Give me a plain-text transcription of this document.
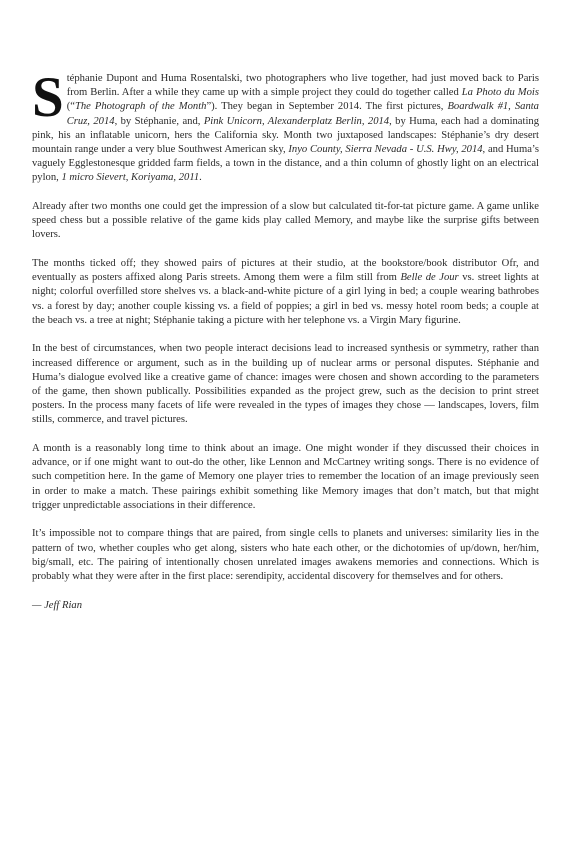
Stéphanie Dupont and Huma Rosentalski, two photographers who live together, had just moved back to Paris from Berlin. After a while they came up with a simple project they could do together called La Photo du Mois (“The Photograph of the Month”). They began in September 2014. The first pictures, Boardwalk #1, Santa Cruz, 2014, by Stéphanie, and, Pink Unicorn, Alexanderplatz Berlin, 2014, by Huma, each had a dominating pink, his an inflatable unicorn, hers the California sky. Month two juxtaposed landscapes: Stéphanie’s dry desert mountain range under a very blue Southwest American sky, Inyo County, Sierra Nevada - U.S. Hwy, 2014, and Huma’s vaguely Egglestonesque gridded farm fields, a town in the distance, and a thin column of ghostly light on an electrical pylon, 1 micro Sievert, Koriyama, 2011.

Already after two months one could get the impression of a slow but calculated tit-for-tat picture game. A game unlike speed chess but a possible relative of the game kids play called Memory, and maybe like the surprise gifts between lovers.

The months ticked off; they showed pairs of pictures at their studio, at the bookstore/book distributor Ofr, and eventually as posters affixed along Paris streets. Among them were a film still from Belle de Jour vs. street lights at night; colorful overfilled store shelves vs. a black-and-white picture of a girl lying in bed; a couple wearing bathrobes vs. a forest by day; another couple kissing vs. a field of poppies; a girl in bed vs. messy hotel room beds; a couple at the beach vs. a tree at night; Stéphanie taking a picture with her telephone vs. a Virgin Mary figurine.

In the best of circumstances, when two people interact decisions lead to increased synthesis or symmetry, rather than increased difference or argument, such as in the building up of nuclear arms or personal disputes. Stéphanie and Huma’s dialogue evolved like a creative game of chance: images were chosen and shown according to the parameters of the game, then shown publically. Possibilities expanded as the project grew, such as the decision to print street posters. In the process many facets of life were revealed in the types of images they chose — landscapes, lovers, film stills, commerce, and travel pictures.

A month is a reasonably long time to think about an image. One might wonder if they discussed their choices in advance, or if one might want to out-do the other, like Lennon and McCartney writing songs. There is no evidence of such competition here. In the game of Memory one player tries to remember the location of an image previously seen in order to make a match. These pairings exhibit something like Memory images that don’t match, but that might trigger unpredictable associations in their difference.

It’s impossible not to compare things that are paired, from single cells to planets and universes: similarity lies in the pattern of two, whether couples who get along, sisters who hate each other, or the dichotomies of up/down, her/him, big/small, etc. The pairing of intentionally chosen unrelated images awakens memories and connections. Which is probably what they were after in the first place: serendipity, accidental discovery for themselves and for others.

— Jeff Rian
